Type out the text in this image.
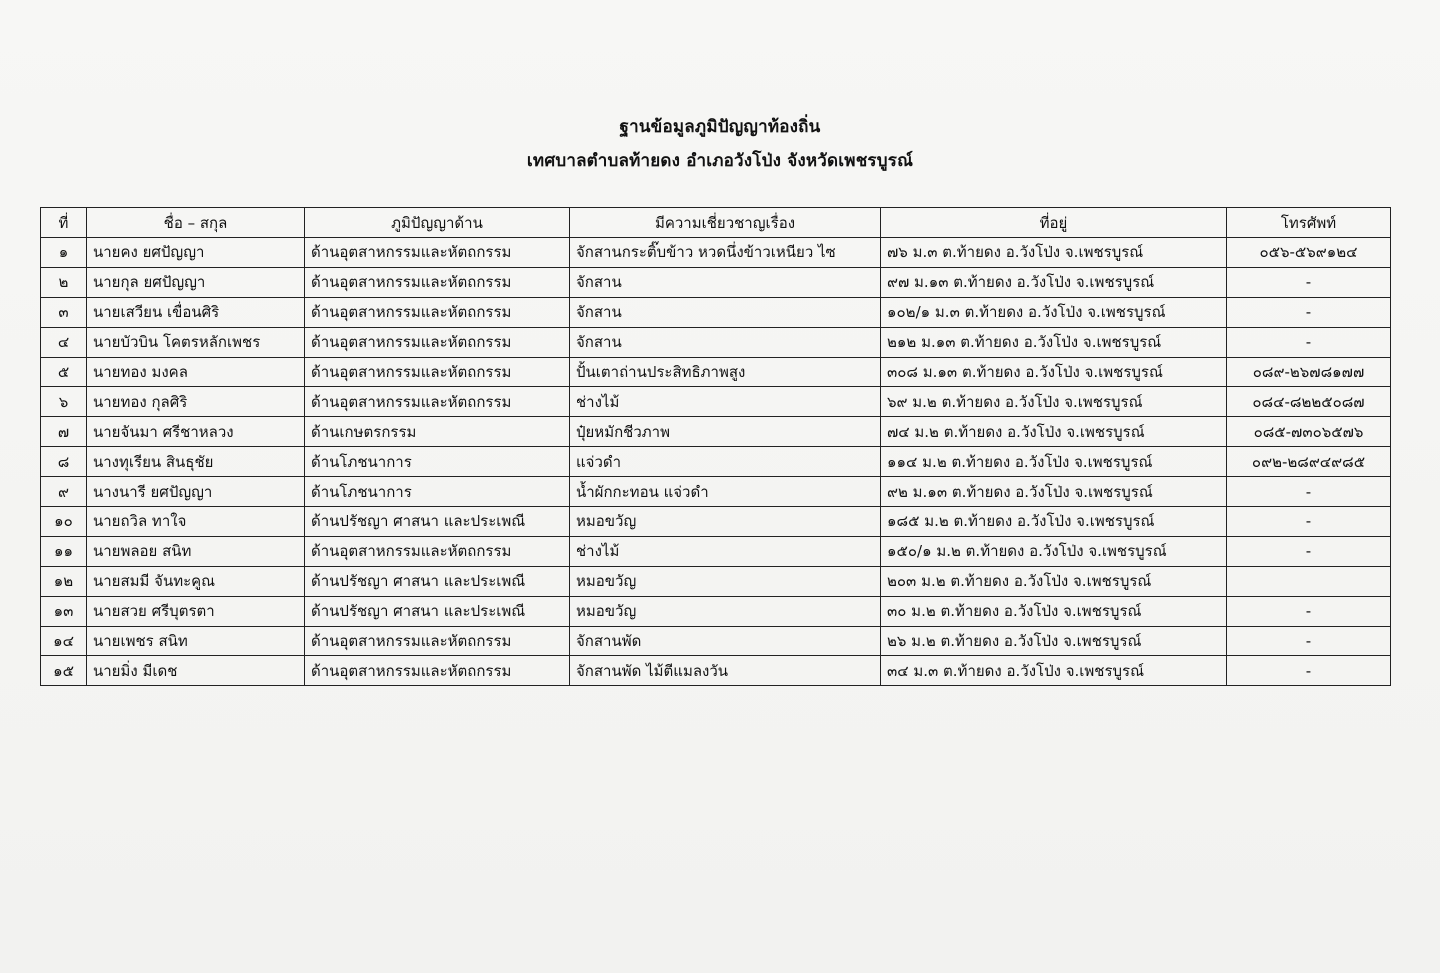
ฐานข้อมูลภูมิปัญญาท้องถิ่น
เทศบาลตำบลท้ายดง อำเภอวังโป่ง จังหวัดเพชรบูรณ์
ที่	ชื่อ – สกุล	ภูมิปัญญาด้าน	มีความเชี่ยวชาญเรื่อง	ที่อยู่	โทรศัพท์
๑	นายคง ยศปัญญา	ด้านอุตสาหกรรมและหัตถกรรม	จักสานกระติ๊บข้าว หวดนึ่งข้าวเหนียว ไซ	๗๖ ม.๓ ต.ท้ายดง อ.วังโป่ง จ.เพชรบูรณ์	๐๕๖-๕๖๙๑๒๔
๒	นายกุล ยศปัญญา	ด้านอุตสาหกรรมและหัตถกรรม	จักสาน	๙๗ ม.๑๓ ต.ท้ายดง อ.วังโป่ง จ.เพชรบูรณ์	-
๓	นายเสวียน เขื่อนศิริ	ด้านอุตสาหกรรมและหัตถกรรม	จักสาน	๑๐๒/๑ ม.๓ ต.ท้ายดง อ.วังโป่ง จ.เพชรบูรณ์	-
๔	นายบัวบิน โคตรหลักเพชร	ด้านอุตสาหกรรมและหัตถกรรม	จักสาน	๒๑๒ ม.๑๓ ต.ท้ายดง อ.วังโป่ง จ.เพชรบูรณ์	-
๕	นายทอง มงคล	ด้านอุตสาหกรรมและหัตถกรรม	ปั้นเตาถ่านประสิทธิภาพสูง	๓๐๘ ม.๑๓ ต.ท้ายดง อ.วังโป่ง จ.เพชรบูรณ์	๐๘๙-๒๖๗๘๑๗๗
๖	นายทอง กุลศิริ	ด้านอุตสาหกรรมและหัตถกรรม	ช่างไม้	๖๙ ม.๒ ต.ท้ายดง อ.วังโป่ง จ.เพชรบูรณ์	๐๘๔-๘๒๒๕๐๘๗
๗	นายจันมา ศรีชาหลวง	ด้านเกษตรกรรม	ปุ๋ยหมักชีวภาพ	๗๔ ม.๒ ต.ท้ายดง อ.วังโป่ง จ.เพชรบูรณ์	๐๘๕-๗๓๐๖๕๗๖
๘	นางทุเรียน สินธุชัย	ด้านโภชนาการ	แจ่วดำ	๑๑๔ ม.๒ ต.ท้ายดง อ.วังโป่ง จ.เพชรบูรณ์	๐๙๒-๒๘๙๔๙๘๕
๙	นางนารี ยศปัญญา	ด้านโภชนาการ	น้ำผักกะทอน แจ่วดำ	๙๒ ม.๑๓ ต.ท้ายดง อ.วังโป่ง จ.เพชรบูรณ์	-
๑๐	นายถวิล ทาใจ	ด้านปรัชญา ศาสนา และประเพณี	หมอขวัญ	๑๘๕ ม.๒ ต.ท้ายดง อ.วังโป่ง จ.เพชรบูรณ์	-
๑๑	นายพลอย สนิท	ด้านอุตสาหกรรมและหัตถกรรม	ช่างไม้	๑๕๐/๑ ม.๒ ต.ท้ายดง อ.วังโป่ง จ.เพชรบูรณ์	-
๑๒	นายสมมี จันทะคูณ	ด้านปรัชญา ศาสนา และประเพณี	หมอขวัญ	๒๐๓ ม.๒ ต.ท้ายดง อ.วังโป่ง จ.เพชรบูรณ์	
๑๓	นายสวย ศรีบุตรตา	ด้านปรัชญา ศาสนา และประเพณี	หมอขวัญ	๓๐ ม.๒ ต.ท้ายดง อ.วังโป่ง จ.เพชรบูรณ์	-
๑๔	นายเพชร สนิท	ด้านอุตสาหกรรมและหัตถกรรม	จักสานพัด	๒๖ ม.๒ ต.ท้ายดง อ.วังโป่ง จ.เพชรบูรณ์	-
๑๕	นายมิ่ง มีเดช	ด้านอุตสาหกรรมและหัตถกรรม	จักสานพัด ไม้ตีแมลงวัน	๓๔ ม.๓ ต.ท้ายดง อ.วังโป่ง จ.เพชรบูรณ์	-
